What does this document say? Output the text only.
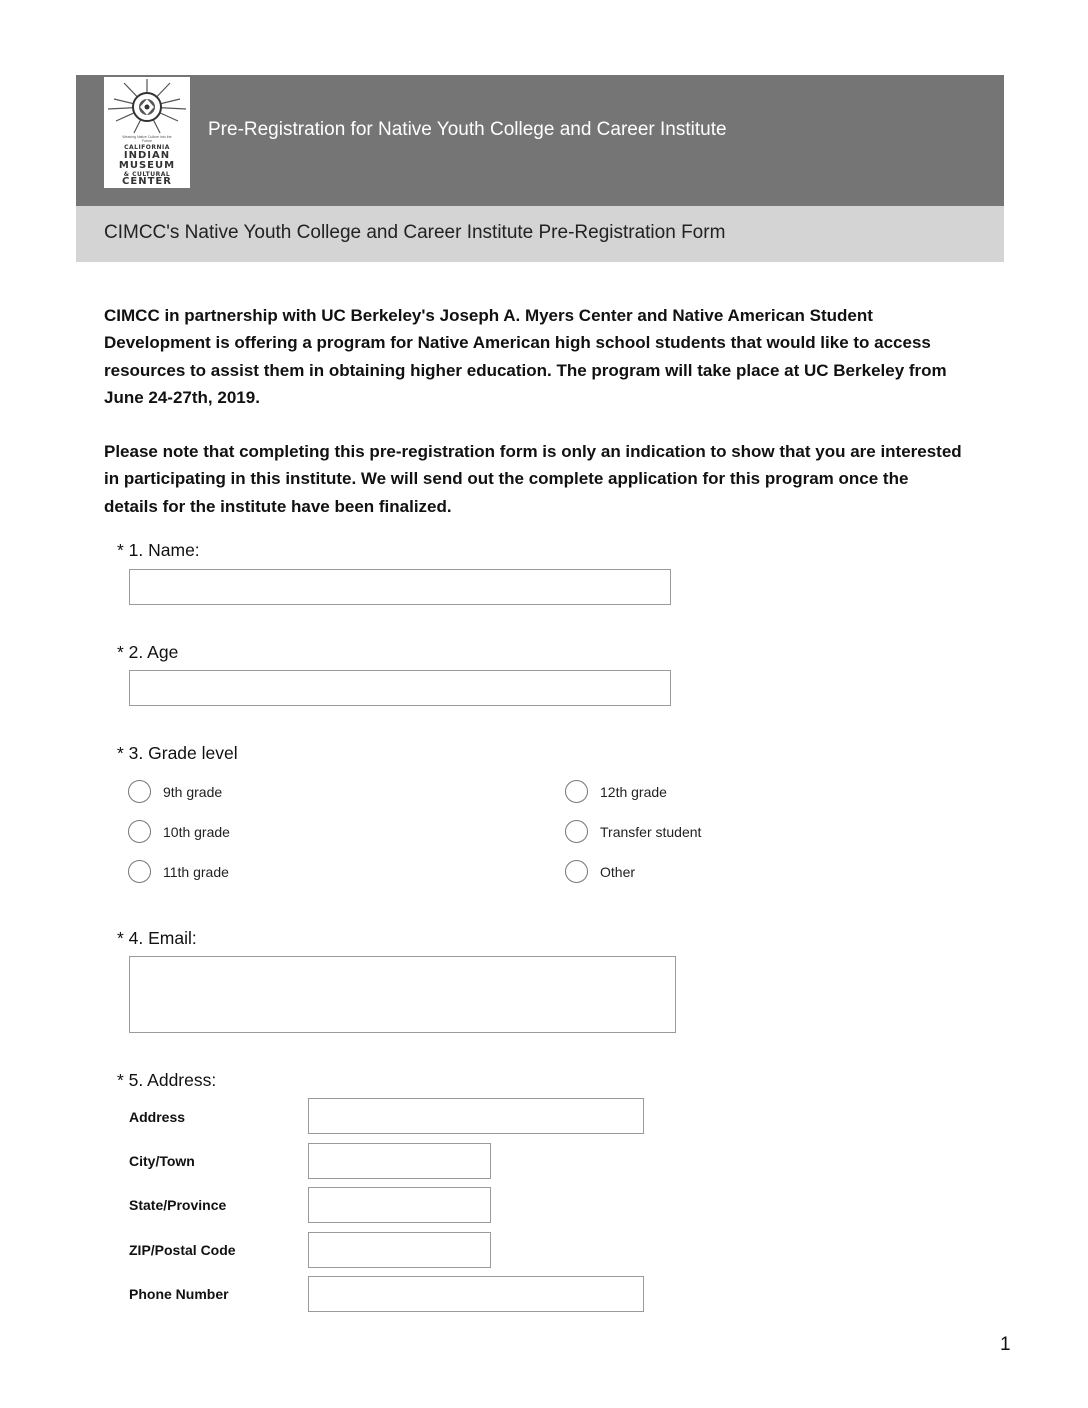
Weaving Native Culture into the Future
CALIFORNIA
INDIAN
MUSEUM
& CULTURAL
CENTER
Pre-Registration for Native Youth College and Career Institute
CIMCC's Native Youth College and Career Institute Pre-Registration Form

CIMCC in partnership with UC Berkeley's Joseph A. Myers Center and Native American Student Development is offering a program for Native American high school students that would like to access resources to assist them in obtaining higher education. The program will take place at UC Berkeley from June 24-27th, 2019.

Please note that completing this pre-registration form is only an indication to show that you are interested in participating in this institute. We will send out the complete application for this program once the details for the institute have been finalized.

* 1. Name:
* 2. Age
* 3. Grade level
9th grade
10th grade
11th grade
12th grade
Transfer student
Other
* 4. Email:
* 5. Address:
Address
City/Town
State/Province
ZIP/Postal Code
Phone Number
1
